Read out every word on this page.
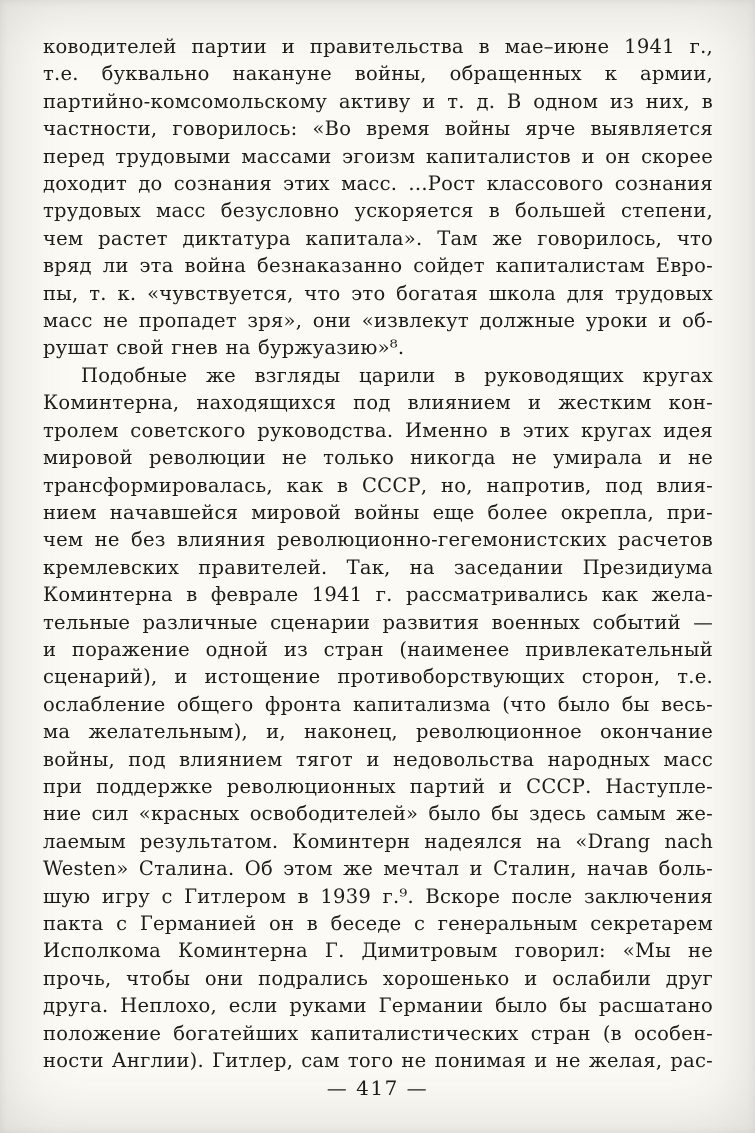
ководителей партии и правительства в мае–июне 1941 г.,
т.е. буквально накануне войны, обращенных к армии,
партийно-комсомольскому активу и т. д. В одном из них, в
частности, говорилось: «Во время войны ярче выявляется
перед трудовыми массами эгоизм капиталистов и он скорее
доходит до сознания этих масс. ...Рост классового сознания
трудовых масс безусловно ускоряется в большей степени,
чем растет диктатура капитала». Там же говорилось, что
вряд ли эта война безнаказанно сойдет капиталистам Евро-
пы, т. к. «чувствуется, что это богатая школа для трудовых
масс не пропадет зря», они «извлекут должные уроки и об-
рушат свой гнев на буржуазию»⁸.
Подобные же взгляды царили в руководящих кругах
Коминтерна, находящихся под влиянием и жестким кон-
тролем советского руководства. Именно в этих кругах идея
мировой революции не только никогда не умирала и не
трансформировалась, как в СССР, но, напротив, под влия-
нием начавшейся мировой войны еще более окрепла, при-
чем не без влияния революционно-гегемонистских расчетов
кремлевских правителей. Так, на заседании Президиума
Коминтерна в феврале 1941 г. рассматривались как жела-
тельные различные сценарии развития военных событий —
и поражение одной из стран (наименее привлекательный
сценарий), и истощение противоборствующих сторон, т.е.
ослабление общего фронта капитализма (что было бы весь-
ма желательным), и, наконец, революционное окончание
войны, под влиянием тягот и недовольства народных масс
при поддержке революционных партий и СССР. Наступле-
ние сил «красных освободителей» было бы здесь самым же-
лаемым результатом. Коминтерн надеялся на «Drang nach
Westen» Сталина. Об этом же мечтал и Сталин, начав боль-
шую игру с Гитлером в 1939 г.⁹. Вскоре после заключения
пакта с Германией он в беседе с генеральным секретарем
Исполкома Коминтерна Г. Димитровым говорил: «Мы не
прочь, чтобы они подрались хорошенько и ослабили друг
друга. Неплохо, если руками Германии было бы расшатано
положение богатейших капиталистических стран (в особен-
ности Англии). Гитлер, сам того не понимая и не желая, рас-
— 417 —
